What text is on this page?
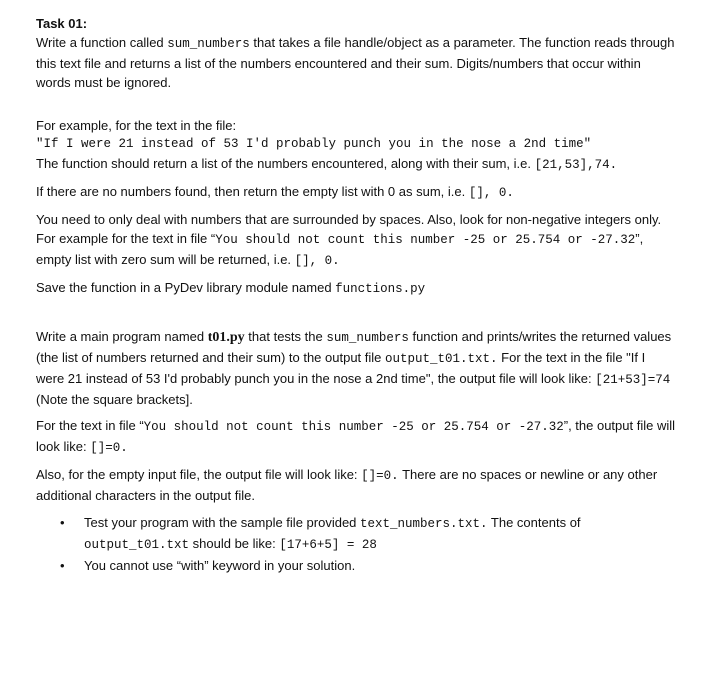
Task 01:

Write a function called sum_numbers that takes a file handle/object as a parameter. The function reads through this text file and returns a list of the numbers encountered and their sum. Digits/numbers that occur within words must be ignored.

For example, for the text in the file:

"If I were 21 instead of 53 I'd probably punch you in the nose a 2nd time"

The function should return a list of the numbers encountered, along with their sum, i.e. [21,53],74.

If there are no numbers found, then return the empty list with 0 as sum, i.e. [], 0.

You need to only deal with numbers that are surrounded by spaces. Also, look for non-negative integers only. For example for the text in file “You should not count this number -25 or 25.754 or -27.32”, empty list with zero sum will be returned, i.e. [], 0.

Save the function in a PyDev library module named functions.py

Write a main program named t01.py that tests the sum_numbers function and prints/writes the returned values (the list of numbers returned and their sum) to the output file output_t01.txt. For the text in the file "If I were 21 instead of 53 I'd probably punch you in the nose a 2nd time", the output file will look like: [21+53]=74 (Note the square brackets].

For the text in file “You should not count this number -25 or 25.754 or -27.32”, the output file will look like: []=0.

Also, for the empty input file, the output file will look like: []=0. There are no spaces or newline or any other additional characters in the output file.

• Test your program with the sample file provided text_numbers.txt. The contents of output_t01.txt should be like: [17+6+5] = 28
• You cannot use “with” keyword in your solution.
